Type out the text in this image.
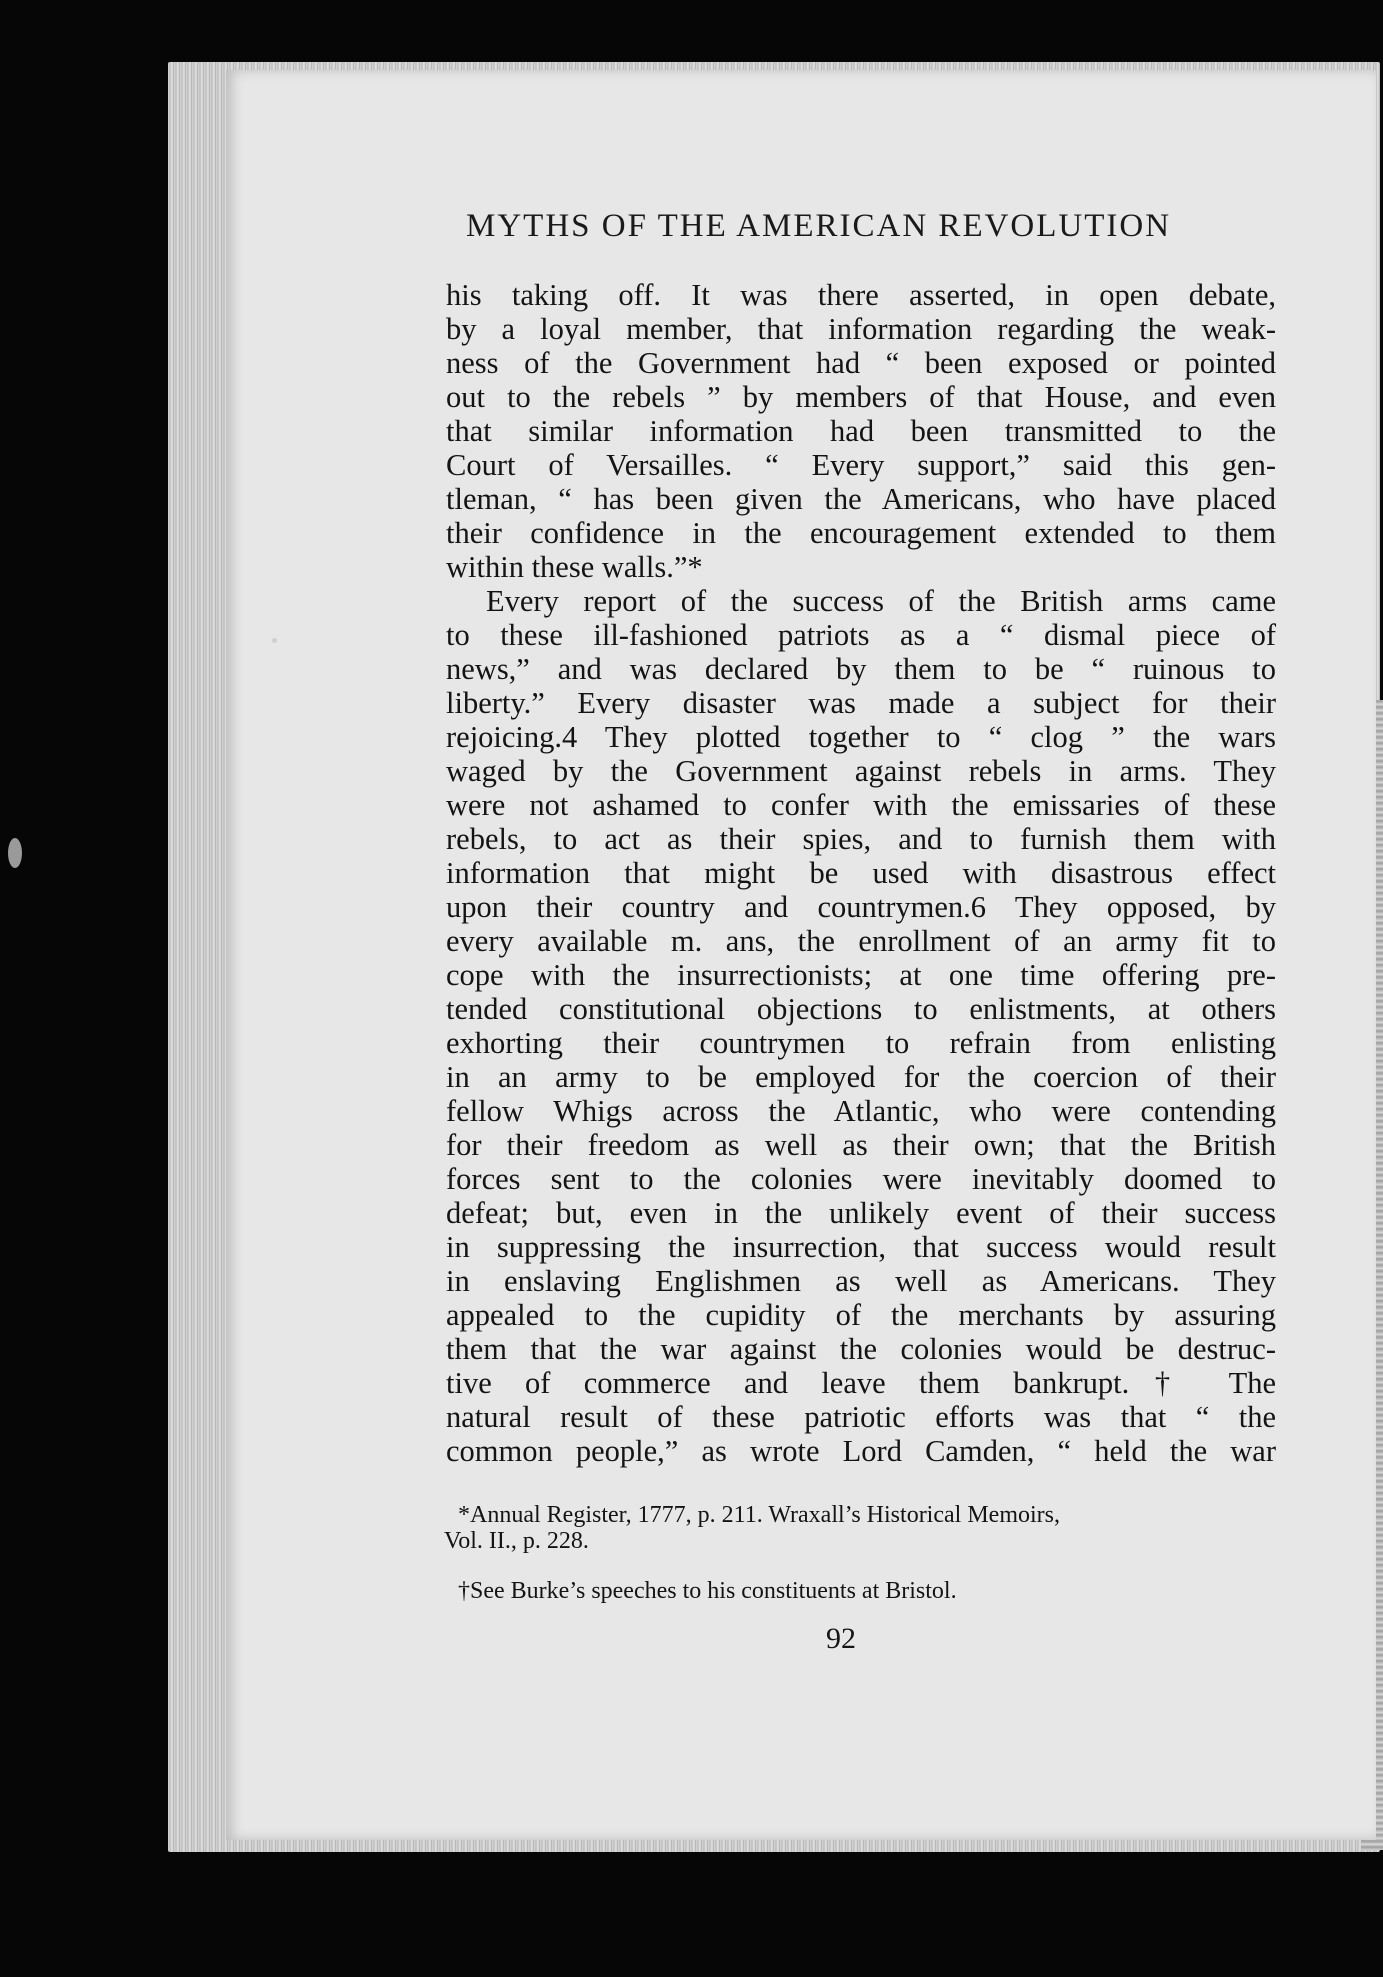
MYTHS OF THE AMERICAN REVOLUTION
his taking off. It was there asserted, in open debate,
by a loyal member, that information regarding the weak-
ness of the Government had “ been exposed or pointed
out to the rebels ” by members of that House, and even
that similar information had been transmitted to the
Court of Versailles. “ Every support,” said this gen-
tleman, “ has been given the Americans, who have placed
their confidence in the encouragement extended to them
within these walls.”*
Every report of the success of the British arms came
to these ill-fashioned patriots as a “ dismal piece of
news,” and was declared by them to be “ ruinous to
liberty.” Every disaster was made a subject for their
rejoicing.4 They plotted together to “ clog ” the wars
waged by the Government against rebels in arms. They
were not ashamed to confer with the emissaries of these
rebels, to act as their spies, and to furnish them with
information that might be used with disastrous effect
upon their country and countrymen.6 They opposed, by
every available m. ans, the enrollment of an army fit to
cope with the insurrectionists; at one time offering pre-
tended constitutional objections to enlistments, at others
exhorting their countrymen to refrain from enlisting
in an army to be employed for the coercion of their
fellow Whigs across the Atlantic, who were contending
for their freedom as well as their own; that the British
forces sent to the colonies were inevitably doomed to
defeat; but, even in the unlikely event of their success
in suppressing the insurrection, that success would result
in enslaving Englishmen as well as Americans. They
appealed to the cupidity of the merchants by assuring
them that the war against the colonies would be destruc-
tive of commerce and leave them bankrupt.† The
natural result of these patriotic efforts was that “ the
common people,” as wrote Lord Camden, “ held the war
*Annual Register, 1777, p. 211. Wraxall’s Historical Memoirs,
Vol. II., p. 228.
†See Burke’s speeches to his constituents at Bristol.
92
